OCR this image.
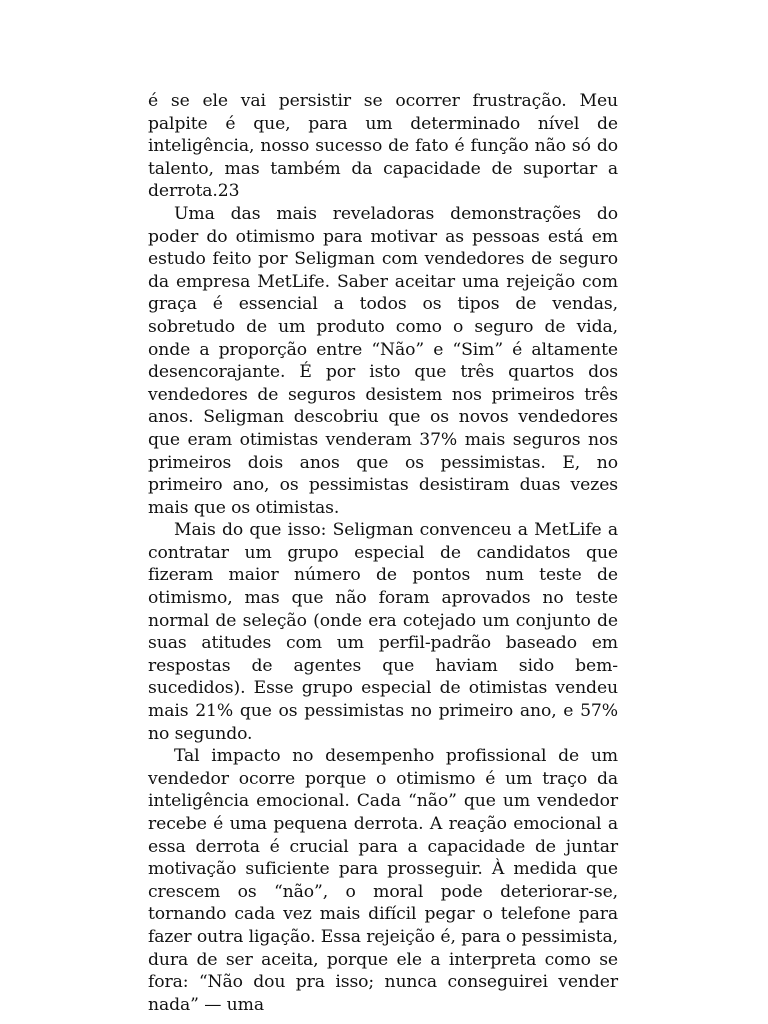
é se ele vai persistir se ocorrer frustração. Meu palpite é que, para um determinado nível de inteligência, nosso sucesso de fato é função não só do talento, mas também da capacidade de suportar a derrota.23

Uma das mais reveladoras demonstrações do poder do otimismo para motivar as pessoas está em estudo feito por Seligman com vendedores de seguro da empresa MetLife. Saber aceitar uma rejeição com graça é essencial a todos os tipos de vendas, sobretudo de um produto como o seguro de vida, onde a proporção entre “Não” e “Sim” é altamente desencorajante. É por isto que três quartos dos vendedores de seguros desistem nos primeiros três anos. Seligman descobriu que os novos vendedores que eram otimistas venderam 37% mais seguros nos primeiros dois anos que os pessimistas. E, no primeiro ano, os pessimistas desistiram duas vezes mais que os otimistas.

Mais do que isso: Seligman convenceu a MetLife a contratar um grupo especial de candidatos que fizeram maior número de pontos num teste de otimismo, mas que não foram aprovados no teste normal de seleção (onde era cotejado um conjunto de suas atitudes com um perfil-padrão baseado em respostas de agentes que haviam sido bem-sucedidos). Esse grupo especial de otimistas vendeu mais 21% que os pessimistas no primeiro ano, e 57% no segundo.

Tal impacto no desempenho profissional de um vendedor ocorre porque o otimismo é um traço da inteligência emocional. Cada “não” que um vendedor recebe é uma pequena derrota. A reação emocional a essa derrota é crucial para a capacidade de juntar motivação suficiente para prosseguir. À medida que crescem os “não”, o moral pode deteriorar-se, tornando cada vez mais difícil pegar o telefone para fazer outra ligação. Essa rejeição é, para o pessimista, dura de ser aceita, porque ele a interpreta como se fora: “Não dou pra isso; nunca conseguirei vender nada” — uma
